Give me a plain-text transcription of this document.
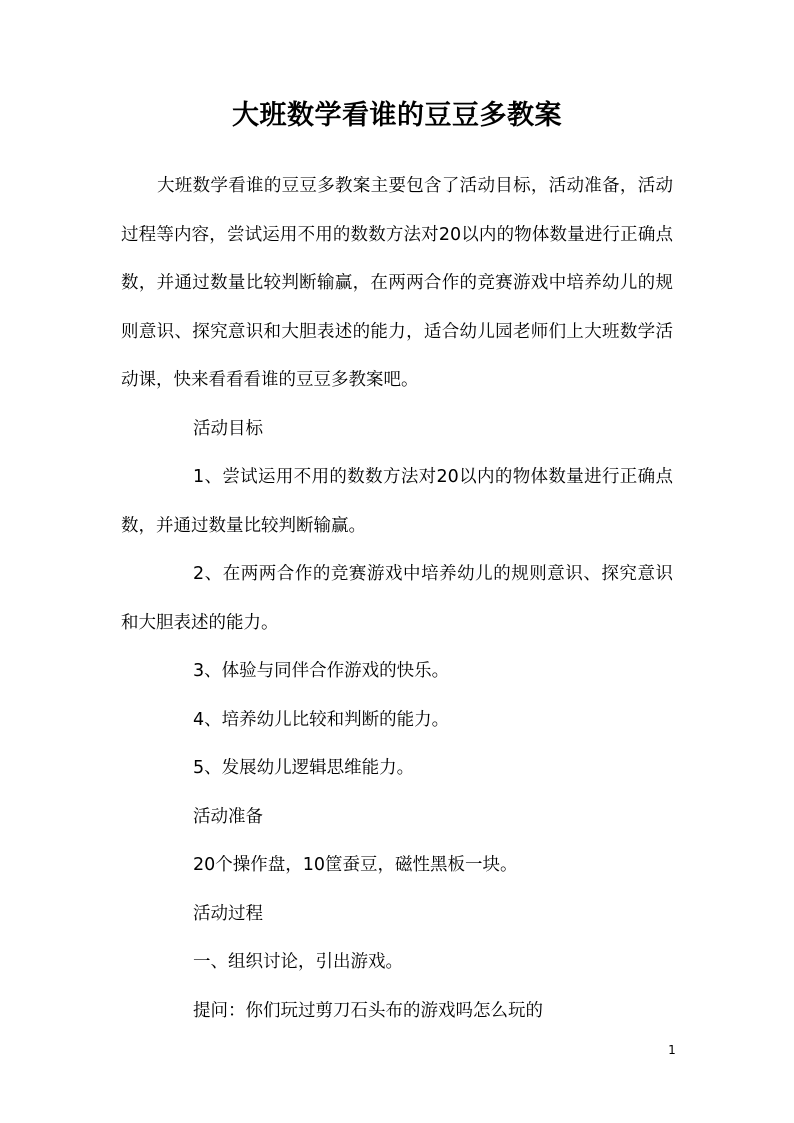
大班数学看谁的豆豆多教案

大班数学看谁的豆豆多教案主要包含了活动目标，活动准备，活动过程等内容，尝试运用不用的数数方法对20以内的物体数量进行正确点数，并通过数量比较判断输赢，在两两合作的竞赛游戏中培养幼儿的规则意识、探究意识和大胆表述的能力，适合幼儿园老师们上大班数学活动课，快来看看看谁的豆豆多教案吧。

活动目标

1、尝试运用不用的数数方法对20以内的物体数量进行正确点数，并通过数量比较判断输赢。

2、在两两合作的竞赛游戏中培养幼儿的规则意识、探究意识和大胆表述的能力。

3、体验与同伴合作游戏的快乐。

4、培养幼儿比较和判断的能力。

5、发展幼儿逻辑思维能力。

活动准备

20个操作盘，10筐蚕豆，磁性黑板一块。

活动过程

一、组织讨论，引出游戏。

提问：你们玩过剪刀石头布的游戏吗怎么玩的

1
